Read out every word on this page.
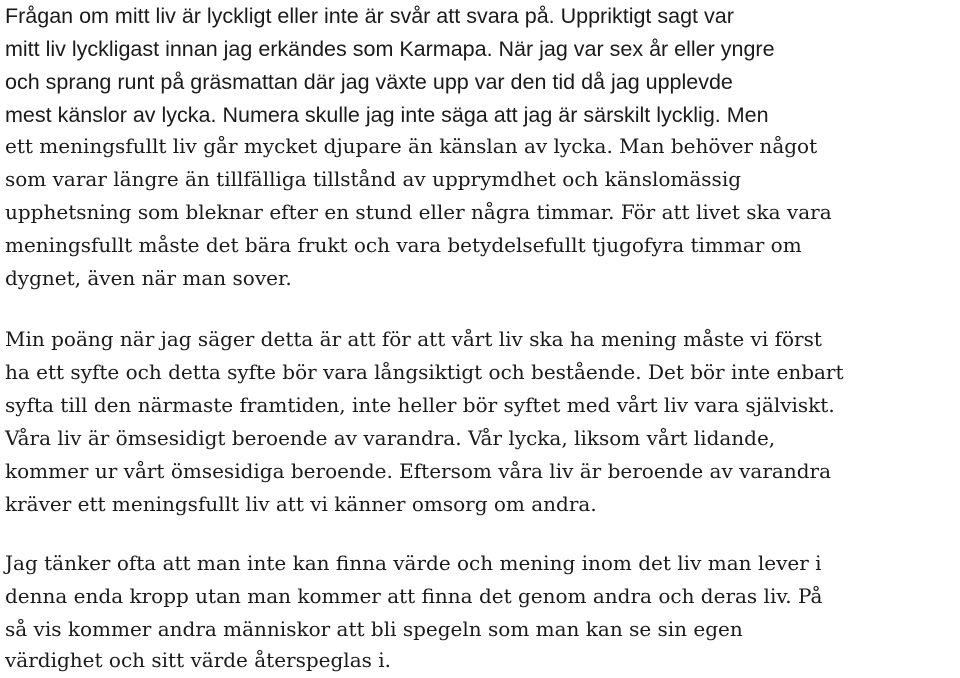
Frågan om mitt liv är lyckligt eller inte är svår att svara på. Uppriktigt sagt var
mitt liv lyckligast innan jag erkändes som Karmapa. När jag var sex år eller yngre
och sprang runt på gräsmattan där jag växte upp var den tid då jag upplevde
mest känslor av lycka. Numera skulle jag inte säga att jag är särskilt lycklig. Men
ett meningsfullt liv går mycket djupare än känslan av lycka. Man behöver något
som varar längre än tillfälliga tillstånd av upprymdhet och känslomässig
upphetsning som bleknar efter en stund eller några timmar. För att livet ska vara
meningsfullt måste det bära frukt och vara betydelsefullt tjugofyra timmar om
dygnet, även när man sover.
Min poäng när jag säger detta är att för att vårt liv ska ha mening måste vi först
ha ett syfte och detta syfte bör vara långsiktigt och bestående. Det bör inte enbart
syfta till den närmaste framtiden, inte heller bör syftet med vårt liv vara själviskt.
Våra liv är ömsesidigt beroende av varandra. Vår lycka, liksom vårt lidande,
kommer ur vårt ömsesidiga beroende. Eftersom våra liv är beroende av varandra
kräver ett meningsfullt liv att vi känner omsorg om andra.
Jag tänker ofta att man inte kan finna värde och mening inom det liv man lever i
denna enda kropp utan man kommer att finna det genom andra och deras liv. På
så vis kommer andra människor att bli spegeln som man kan se sin egen
värdighet och sitt värde återspeglas i.
